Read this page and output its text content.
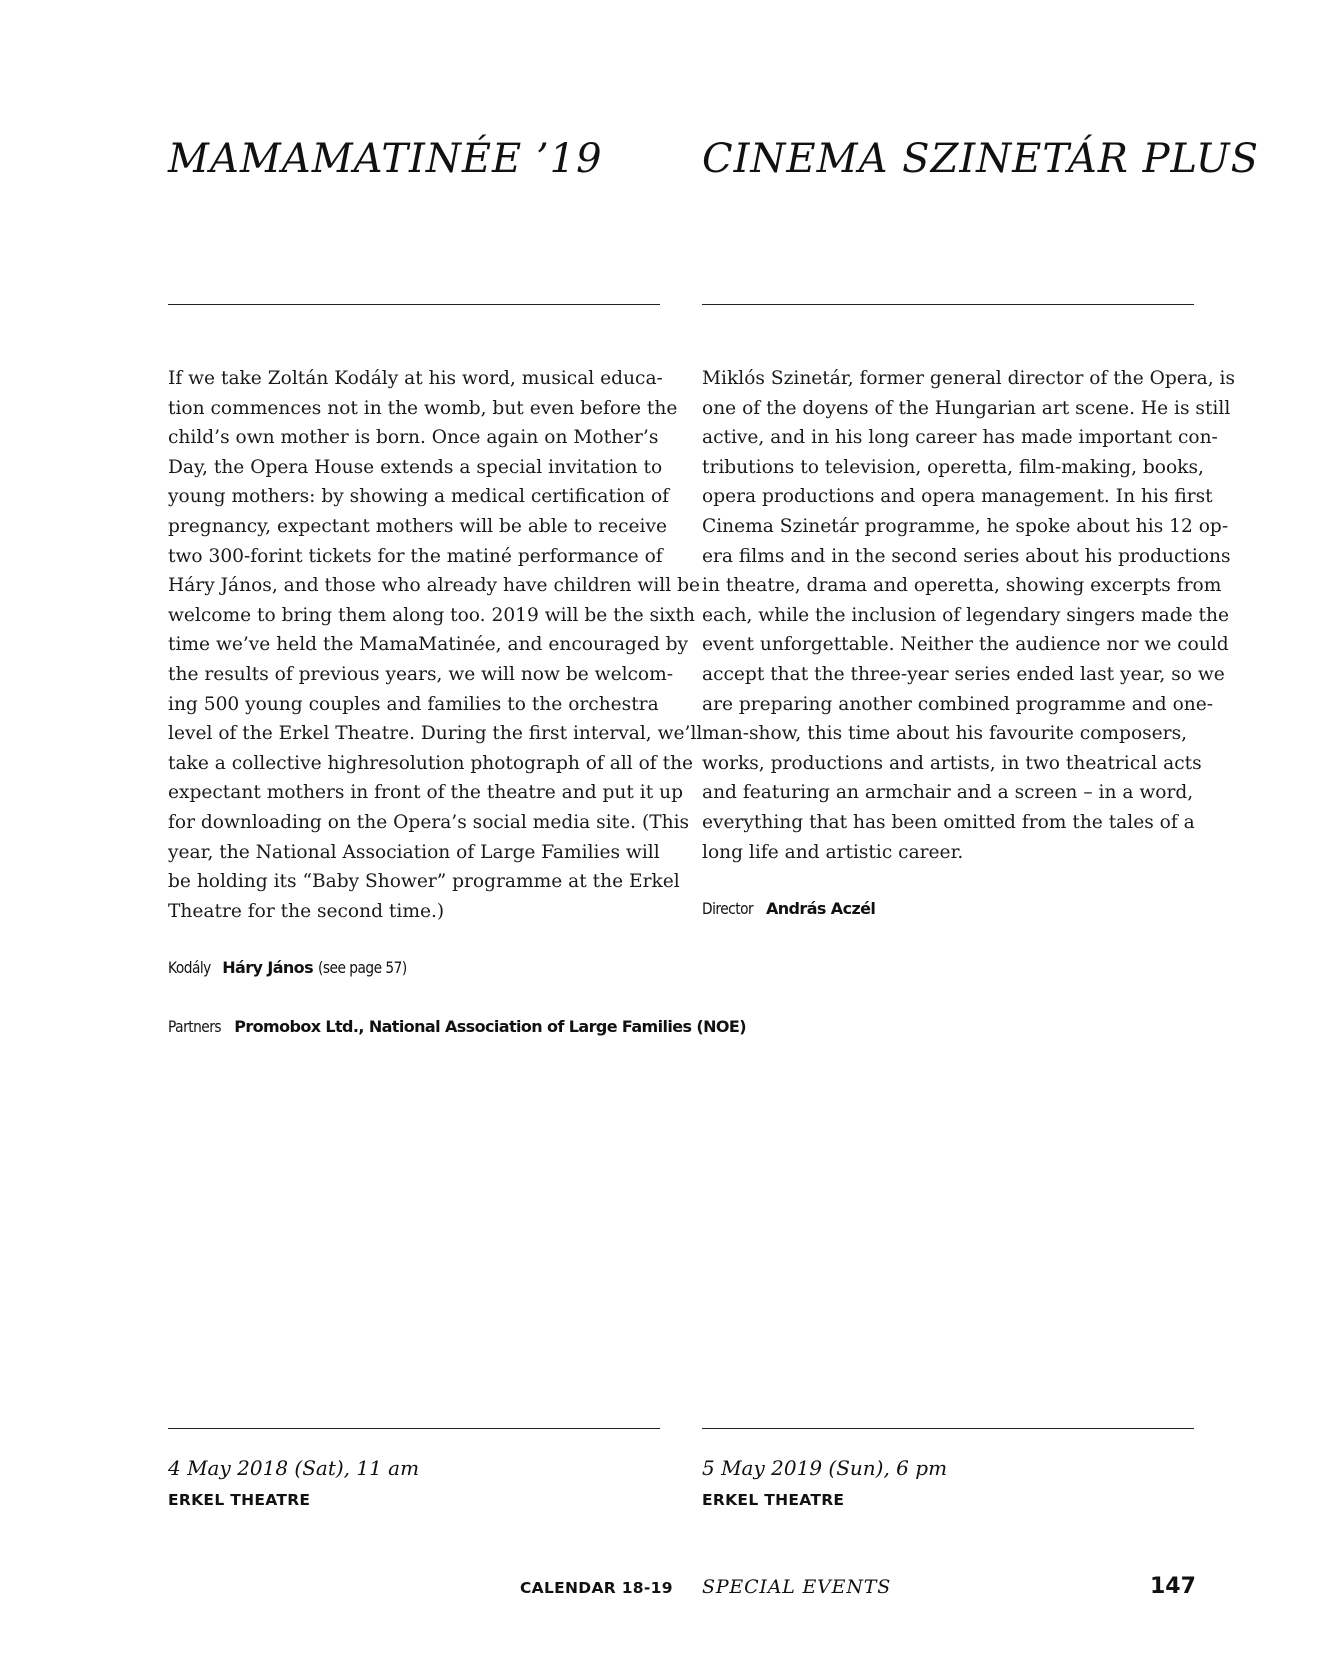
MAMAMATINÉE ’19
If we take Zoltán Kodály at his word, musical educa-
tion commences not in the womb, but even before the
child’s own mother is born. Once again on Mother’s
Day, the Opera House extends a special invitation to
young mothers: by showing a medical certification of
pregnancy, expectant mothers will be able to receive
two 300-forint tickets for the matiné performance of
Háry János, and those who already have children will be
welcome to bring them along too. 2019 will be the sixth
time we’ve held the MamaMatinée, and encouraged by
the results of previous years, we will now be welcom-
ing 500 young couples and families to the orchestra
level of the Erkel Theatre. During the first interval, we’ll
take a collective highresolution photograph of all of the
expectant mothers in front of the theatre and put it up
for downloading on the Opera’s social media site. (This
year, the National Association of Large Families will
be holding its “Baby Shower” programme at the Erkel
Theatre for the second time.)

Kodály Háry János (see page 57)

Partners Promobox Ltd., National Association of Large Families (NOE)

4 May 2018 (Sat), 11 am

ERKEL THEATRE

CINEMA SZINETÁR PLUS
Miklós Szinetár, former general director of the Opera, is
one of the doyens of the Hungarian art scene. He is still
active, and in his long career has made important con-
tributions to television, operetta, film-making, books,
opera productions and opera management. In his first
Cinema Szinetár programme, he spoke about his 12 op-
era films and in the second series about his productions
in theatre, drama and operetta, showing excerpts from
each, while the inclusion of legendary singers made the
event unforgettable. Neither the audience nor we could
accept that the three-year series ended last year, so we
are preparing another combined programme and one-
man-show, this time about his favourite composers,
works, productions and artists, in two theatrical acts
and featuring an armchair and a screen – in a word,
everything that has been omitted from the tales of a
long life and artistic career.

Director András Aczél

5 May 2019 (Sun), 6 pm

ERKEL THEATRE

CALENDAR 18-19 SPECIAL EVENTS	147
